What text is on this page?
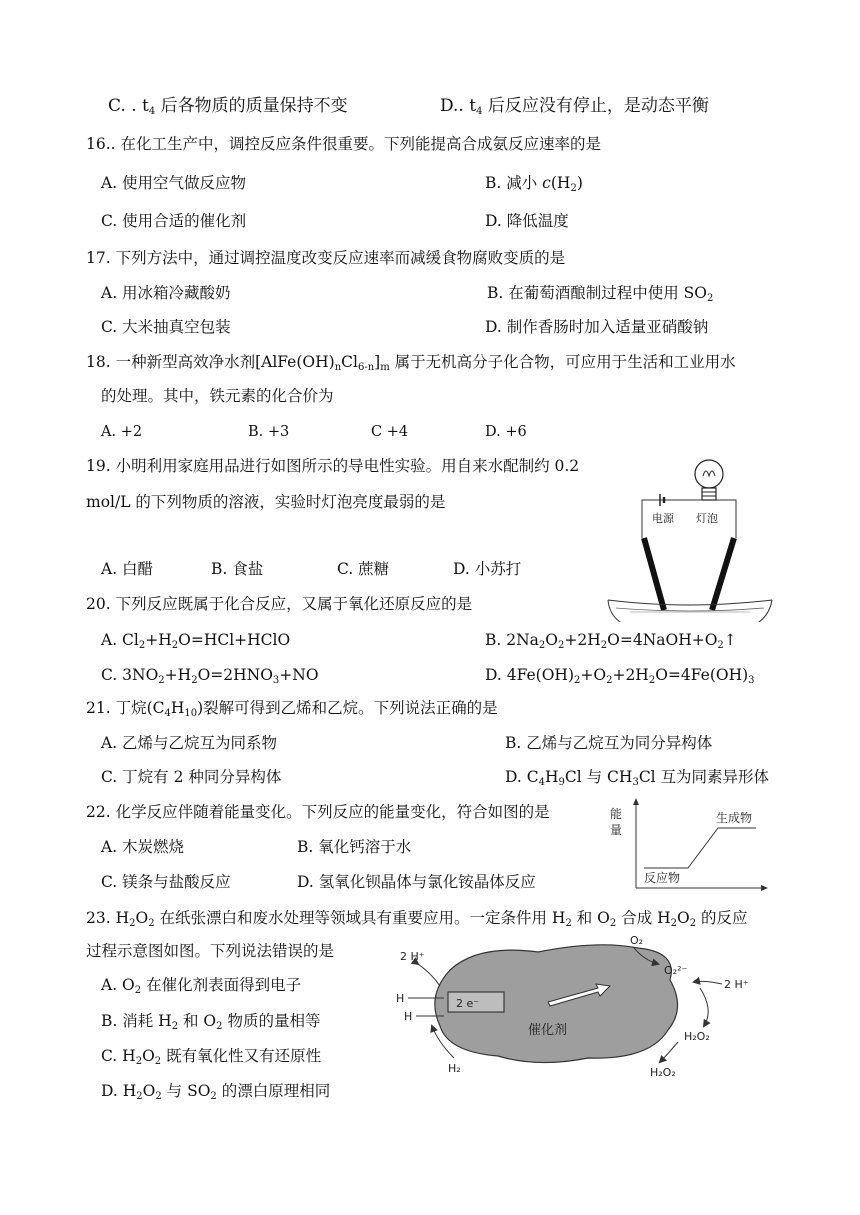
C. . $t_4$ 后各物质的质量保持不变	D.. $t_4$ 后反应没有停止，是动态平衡
16.. 在化工生产中，调控反应条件很重要。下列能提高合成氨反应速率的是
A. 使用空气做反应物	B. 减小 $c(H_2)$
C. 使用合适的催化剂	D. 降低温度
17. 下列方法中，通过调控温度改变反应速率而减缓食物腐败变质的是
A. 用冰箱冷藏酸奶	B. 在葡萄酒酿制过程中使用 $SO_2$
C. 大米抽真空包装	D. 制作香肠时加入适量亚硝酸钠
18. 一种新型高效净水剂$[AlFe(OH)_nCl_{6-n}]_m$ 属于无机高分子化合物，可应用于生活和工业用水
的处理。其中，铁元素的化合价为
A. +2	B. +3	C +4	D. +6
19. 小明利用家庭用品进行如图所示的导电性实验。用自来水配制约 0.2
mol/L 的下列物质的溶液，实验时灯泡亮度最弱的是
A. 白醋	B. 食盐	C. 蔗糖	D. 小苏打
电源 灯泡
20. 下列反应既属于化合反应，又属于氧化还原反应的是
A. $Cl_2+H_2O=HCl+HClO$	B. $2Na_2O_2+2H_2O=4NaOH+O_2↑$
C. $3NO_2+H_2O=2HNO_3+NO$	D. $4Fe(OH)_2+O_2+2H_2O=4Fe(OH)_3$
21. 丁烷$(C_4H_{10})$裂解可得到乙烯和乙烷。下列说法正确的是
A. 乙烯与乙烷互为同系物	B. 乙烯与乙烷互为同分异构体
C. 丁烷有 2 种同分异构体	D. $C_4H_9Cl$ 与 $CH_3Cl$ 互为同素异形体
22. 化学反应伴随着能量变化。下列反应的能量变化，符合如图的是
A. 木炭燃烧	B. 氧化钙溶于水
C. 镁条与盐酸反应	D. 氢氧化钡晶体与氯化铵晶体反应
能
量
生成物
反应物
23. $H_2O_2$ 在纸张漂白和废水处理等领域具有重要应用。一定条件用 $H_2$ 和 $O_2$ 合成 $H_2O_2$ 的反应
过程示意图如图。下列说法错误的是
A. $O_2$ 在催化剂表面得到电子
B. 消耗 $H_2$ 和 $O_2$ 物质的量相等
C. $H_2O_2$ 既有氧化性又有还原性
D. $H_2O_2$ 与 $SO_2$ 的漂白原理相同
催化剂
2 e⁻
H
H
2 H⁺
H₂
O₂
O₂²⁻
2 H⁺
H₂O₂
H₂O₂
